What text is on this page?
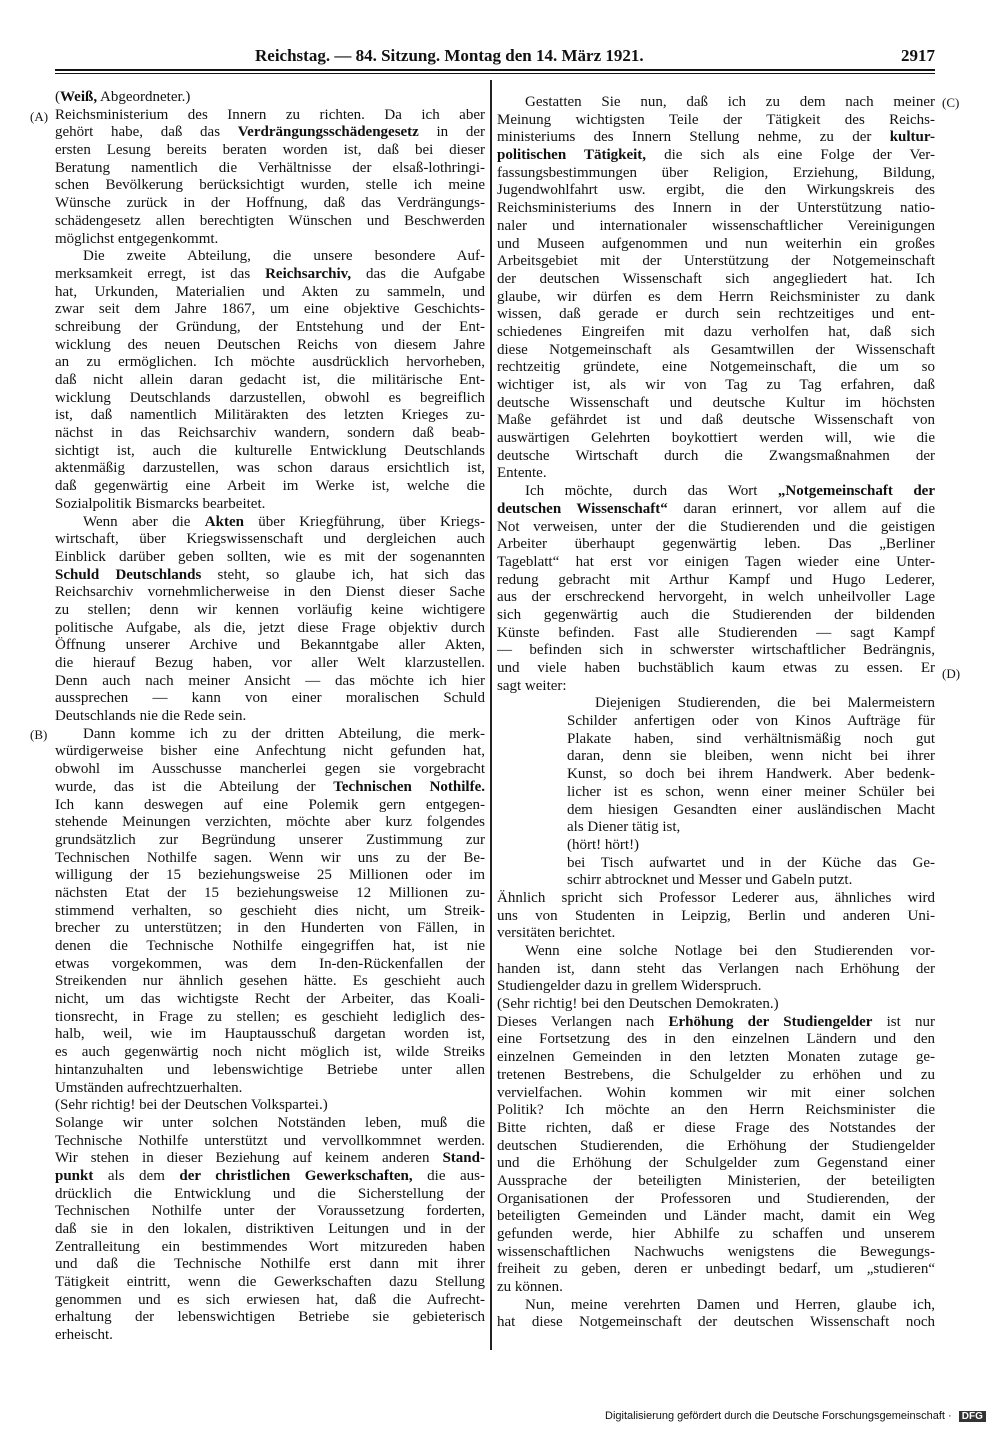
Reichstag. — 84. Sitzung. Montag den 14. März 1921.	2917
(Weiß, Abgeordneter.)
Reichsministerium des Innern zu richten. Da ich aber
gehört habe, daß das Verdrängungsschädengesetz in der
ersten Lesung bereits beraten worden ist, daß bei dieser
Beratung namentlich die Verhältnisse der elsaß-lothringi-
schen Bevölkerung berücksichtigt wurden, stelle ich meine
Wünsche zurück in der Hoffnung, daß das Verdrängungs-
schädengesetz allen berechtigten Wünschen und Beschwerden
möglichst entgegenkommt.
Die zweite Abteilung, die unsere besondere Auf-
merksamkeit erregt, ist das Reichsarchiv, das die Aufgabe
hat, Urkunden, Materialien und Akten zu sammeln, und
zwar seit dem Jahre 1867, um eine objektive Geschichts-
schreibung der Gründung, der Entstehung und der Ent-
wicklung des neuen Deutschen Reichs von diesem Jahre
an zu ermöglichen. Ich möchte ausdrücklich hervorheben,
daß nicht allein daran gedacht ist, die militärische Ent-
wicklung Deutschlands darzustellen, obwohl es begreiflich
ist, daß namentlich Militärakten des letzten Krieges zu-
nächst in das Reichsarchiv wandern, sondern daß beab-
sichtigt ist, auch die kulturelle Entwicklung Deutschlands
aktenmäßig darzustellen, was schon daraus ersichtlich ist,
daß gegenwärtig eine Arbeit im Werke ist, welche die
Sozialpolitik Bismarcks bearbeitet.
Wenn aber die Akten über Kriegführung, über Kriegs-
wirtschaft, über Kriegswissenschaft und dergleichen auch
Einblick darüber geben sollten, wie es mit der sogenannten
Schuld Deutschlands steht, so glaube ich, hat sich das
Reichsarchiv vornehmlicherweise in den Dienst dieser Sache
zu stellen; denn wir kennen vorläufig keine wichtigere
politische Aufgabe, als die, jetzt diese Frage objektiv durch
Öffnung unserer Archive und Bekanntgabe aller Akten,
die hierauf Bezug haben, vor aller Welt klarzustellen.
Denn auch nach meiner Ansicht — das möchte ich hier
aussprechen — kann von einer moralischen Schuld
Deutschlands nie die Rede sein.
Dann komme ich zu der dritten Abteilung, die merk-
würdigerweise bisher eine Anfechtung nicht gefunden hat,
obwohl im Ausschusse mancherlei gegen sie vorgebracht
wurde, das ist die Abteilung der Technischen Nothilfe.
Ich kann deswegen auf eine Polemik gern entgegen-
stehende Meinungen verzichten, möchte aber kurz folgendes
grundsätzlich zur Begründung unserer Zustimmung zur
Technischen Nothilfe sagen. Wenn wir uns zu der Be-
willigung der 15 beziehungsweise 25 Millionen oder im
nächsten Etat der 15 beziehungsweise 12 Millionen zu-
stimmend verhalten, so geschieht dies nicht, um Streik-
brecher zu unterstützen; in den Hunderten von Fällen, in
denen die Technische Nothilfe eingegriffen hat, ist nie
etwas vorgekommen, was dem In-den-Rückenfallen der
Streikenden nur ähnlich gesehen hätte. Es geschieht auch
nicht, um das wichtigste Recht der Arbeiter, das Koali-
tionsrecht, in Frage zu stellen; es geschieht lediglich des-
halb, weil, wie im Hauptausschuß dargetan worden ist,
es auch gegenwärtig noch nicht möglich ist, wilde Streiks
hintanzuhalten und lebenswichtige Betriebe unter allen
Umständen aufrechtzuerhalten.
(Sehr richtig! bei der Deutschen Volkspartei.)
Solange wir unter solchen Notständen leben, muß die
Technische Nothilfe unterstützt und vervollkommnet werden.
Wir stehen in dieser Beziehung auf keinem anderen Stand-
punkt als dem der christlichen Gewerkschaften, die aus-
drücklich die Entwicklung und die Sicherstellung der
Technischen Nothilfe unter der Voraussetzung forderten,
daß sie in den lokalen, distriktiven Leitungen und in der
Zentralleitung ein bestimmendes Wort mitzureden haben
und daß die Technische Nothilfe erst dann mit ihrer
Tätigkeit eintritt, wenn die Gewerkschaften dazu Stellung
genommen und es sich erwiesen hat, daß die Aufrecht-
erhaltung der lebenswichtigen Betriebe sie gebieterisch
erheischt.
Gestatten Sie nun, daß ich zu dem nach meiner
Meinung wichtigsten Teile der Tätigkeit des Reichs-
ministeriums des Innern Stellung nehme, zu der kultur-
politischen Tätigkeit, die sich als eine Folge der Ver-
fassungsbestimmungen über Religion, Erziehung, Bildung,
Jugendwohlfahrt usw. ergibt, die den Wirkungskreis des
Reichsministeriums des Innern in der Unterstützung natio-
naler und internationaler wissenschaftlicher Vereinigungen
und Museen aufgenommen und nun weiterhin ein großes
Arbeitsgebiet mit der Unterstützung der Notgemeinschaft
der deutschen Wissenschaft sich angegliedert hat. Ich
glaube, wir dürfen es dem Herrn Reichsminister zu dank
wissen, daß gerade er durch sein rechtzeitiges und ent-
schiedenes Eingreifen mit dazu verholfen hat, daß sich
diese Notgemeinschaft als Gesamtwillen der Wissenschaft
rechtzeitig gründete, eine Notgemeinschaft, die um so
wichtiger ist, als wir von Tag zu Tag erfahren, daß
deutsche Wissenschaft und deutsche Kultur im höchsten
Maße gefährdet ist und daß deutsche Wissenschaft von
auswärtigen Gelehrten boykottiert werden will, wie die
deutsche Wirtschaft durch die Zwangsmaßnahmen der
Entente.
Ich möchte, durch das Wort „Notgemeinschaft der
deutschen Wissenschaft“ daran erinnert, vor allem auf die
Not verweisen, unter der die Studierenden und die geistigen
Arbeiter überhaupt gegenwärtig leben. Das „Berliner
Tageblatt“ hat erst vor einigen Tagen wieder eine Unter-
redung gebracht mit Arthur Kampf und Hugo Lederer,
aus der erschreckend hervorgeht, in welch unheilvoller Lage
sich gegenwärtig auch die Studierenden der bildenden
Künste befinden. Fast alle Studierenden — sagt Kampf
— befinden sich in schwerster wirtschaftlicher Bedrängnis,
und viele haben buchstäblich kaum etwas zu essen. Er
sagt weiter:
Diejenigen Studierenden, die bei Malermeistern
Schilder anfertigen oder von Kinos Aufträge für
Plakate haben, sind verhältnismäßig noch gut
daran, denn sie bleiben, wenn nicht bei ihrer
Kunst, so doch bei ihrem Handwerk. Aber bedenk-
licher ist es schon, wenn einer meiner Schüler bei
dem hiesigen Gesandten einer ausländischen Macht
als Diener tätig ist,
(hört! hört!)
bei Tisch aufwartet und in der Küche das Ge-
schirr abtrocknet und Messer und Gabeln putzt.
Ähnlich spricht sich Professor Lederer aus, ähnliches wird
uns von Studenten in Leipzig, Berlin und anderen Uni-
versitäten berichtet.
Wenn eine solche Notlage bei den Studierenden vor-
handen ist, dann steht das Verlangen nach Erhöhung der
Studiengelder dazu in grellem Widerspruch.
(Sehr richtig! bei den Deutschen Demokraten.)
Dieses Verlangen nach Erhöhung der Studiengelder ist nur
eine Fortsetzung des in den einzelnen Ländern und den
einzelnen Gemeinden in den letzten Monaten zutage ge-
tretenen Bestrebens, die Schulgelder zu erhöhen und zu
vervielfachen. Wohin kommen wir mit einer solchen
Politik? Ich möchte an den Herrn Reichsminister die
Bitte richten, daß er diese Frage des Notstandes der
deutschen Studierenden, die Erhöhung der Studiengelder
und die Erhöhung der Schulgelder zum Gegenstand einer
Aussprache der beteiligten Ministerien, der beteiligten
Organisationen der Professoren und Studierenden, der
beteiligten Gemeinden und Länder macht, damit ein Weg
gefunden werde, hier Abhilfe zu schaffen und unserem
wissenschaftlichen Nachwuchs wenigstens die Bewegungs-
freiheit zu geben, deren er unbedingt bedarf, um „studieren“
zu können.
Nun, meine verehrten Damen und Herren, glaube ich,
hat diese Notgemeinschaft der deutschen Wissenschaft noch
(A)
(B)
(C)
(D)
Digitalisierung gefördert durch die Deutsche Forschungsgemeinschaft · DFG
